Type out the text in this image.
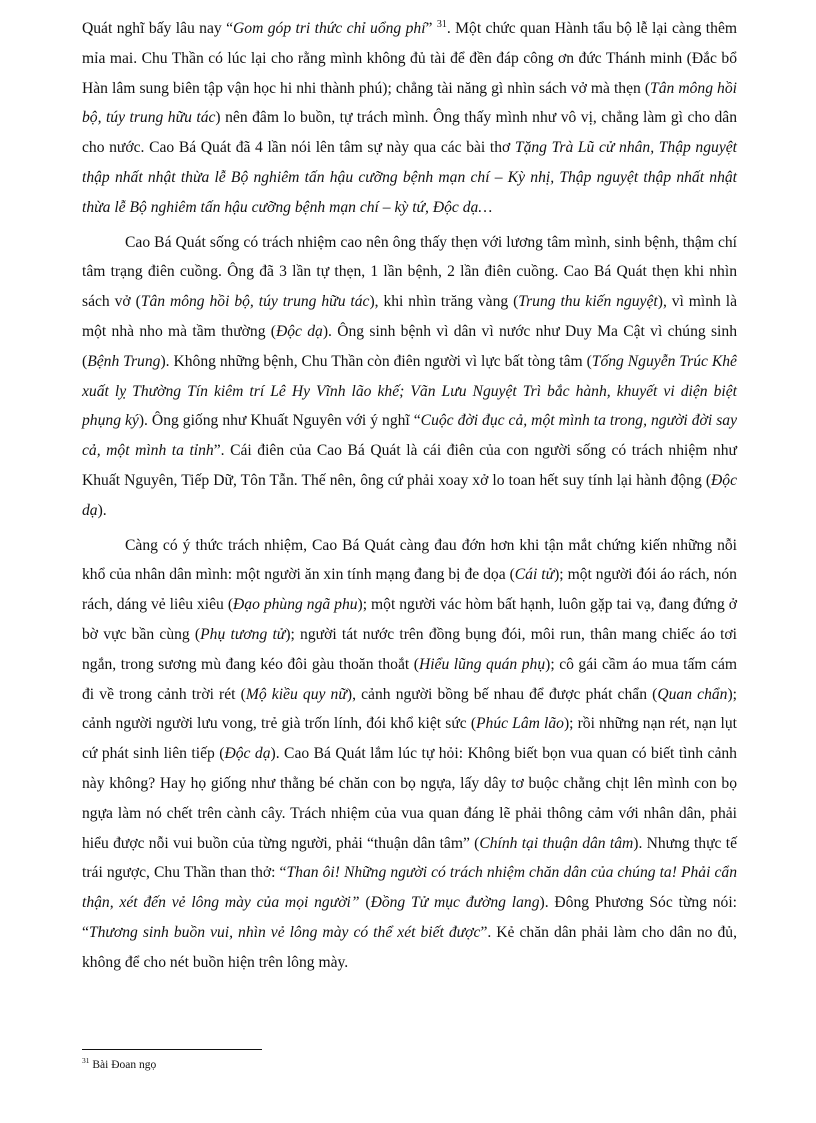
Quát nghĩ bấy lâu nay “Gom góp tri thức chỉ uổng phí” $^{31}$. Một chức quan Hành tẩu bộ lễ lại càng thêm mỉa mai. Chu Thần có lúc lại cho rằng mình không đủ tài để đền đáp công ơn đức Thánh minh (Đắc bổ Hàn lâm sung biên tập vận học hi nhi thành phú); chẳng tài năng gì nhìn sách vở mà thẹn (Tân mông hồi bộ, túy trung hữu tác) nên đâm lo buồn, tự trách mình. Ông thấy mình như vô vị, chẳng làm gì cho dân cho nước. Cao Bá Quát đã 4 lần nói lên tâm sự này qua các bài thơ Tặng Trà Lũ cử nhân, Thập nguyệt thập nhất nhật thừa lễ Bộ nghiêm tấn hậu cưỡng bệnh mạn chí – Kỳ nhị, Thập nguyệt thập nhất nhật thừa lễ Bộ nghiêm tấn hậu cưỡng bệnh mạn chí – kỳ tứ, Độc dạ…

Cao Bá Quát sống có trách nhiệm cao nên ông thấy thẹn với lương tâm mình, sinh bệnh, thậm chí tâm trạng điên cuồng. Ông đã 3 lần tự thẹn, 1 lần bệnh, 2 lần điên cuồng. Cao Bá Quát thẹn khi nhìn sách vở (Tân mông hồi bộ, túy trung hữu tác), khi nhìn trăng vàng (Trung thu kiến nguyệt), vì mình là một nhà nho mà tầm thường (Độc dạ). Ông sinh bệnh vì dân vì nước như Duy Ma Cật vì chúng sinh (Bệnh Trung). Không những bệnh, Chu Thần còn điên người vì lực bất tòng tâm (Tống Nguyễn Trúc Khê xuất lỵ Thường Tín kiêm trí Lê Hy Vĩnh lão khế; Vãn Lưu Nguyệt Trì bắc hành, khuyết vi diện biệt phụng ký). Ông giống như Khuất Nguyên với ý nghĩ “Cuộc đời đục cả, một mình ta trong, người đời say cả, một mình ta tỉnh”. Cái điên của Cao Bá Quát là cái điên của con người sống có trách nhiệm như Khuất Nguyên, Tiếp Dữ, Tôn Tẫn. Thế nên, ông cứ phải xoay xở lo toan hết suy tính lại hành động (Độc dạ).

Càng có ý thức trách nhiệm, Cao Bá Quát càng đau đớn hơn khi tận mắt chứng kiến những nỗi khổ của nhân dân mình: một người ăn xin tính mạng đang bị đe dọa (Cái tử); một người đói áo rách, nón rách, dáng vẻ liêu xiêu (Đạo phùng ngã phu); một người vác hòm bất hạnh, luôn gặp tai vạ, đang đứng ở bờ vực bần cùng (Phụ tương tử); người tát nước trên đồng bụng đói, môi run, thân mang chiếc áo tơi ngắn, trong sương mù đang kéo đôi gàu thoăn thoắt (Hiểu lũng quán phụ); cô gái cầm áo mua tấm cám đi về trong cảnh trời rét (Mộ kiều quy nữ), cảnh người bồng bế nhau để được phát chẩn (Quan chẩn); cảnh người người lưu vong, trẻ già trốn lính, đói khổ kiệt sức (Phúc Lâm lão); rồi những nạn rét, nạn lụt cứ phát sinh liên tiếp (Độc dạ). Cao Bá Quát lắm lúc tự hỏi: Không biết bọn vua quan có biết tình cảnh này không? Hay họ giống như thằng bé chăn con bọ ngựa, lấy dây tơ buộc chằng chịt lên mình con bọ ngựa làm nó chết trên cành cây. Trách nhiệm của vua quan đáng lẽ phải thông cảm với nhân dân, phải hiểu được nỗi vui buồn của từng người, phải “thuận dân tâm” (Chính tại thuận dân tâm). Nhưng thực tế trái ngược, Chu Thần than thở: “Than ôi! Những người có trách nhiệm chăn dân của chúng ta! Phải cẩn thận, xét đến vẻ lông mày của mọi người” (Đồng Tử mục đường lang). Đông Phương Sóc từng nói: “Thương sinh buồn vui, nhìn vẻ lông mày có thể xét biết được”. Kẻ chăn dân phải làm cho dân no đủ, không để cho nét buồn hiện trên lông mày.

$^{31}$ Bài Đoan ngọ
